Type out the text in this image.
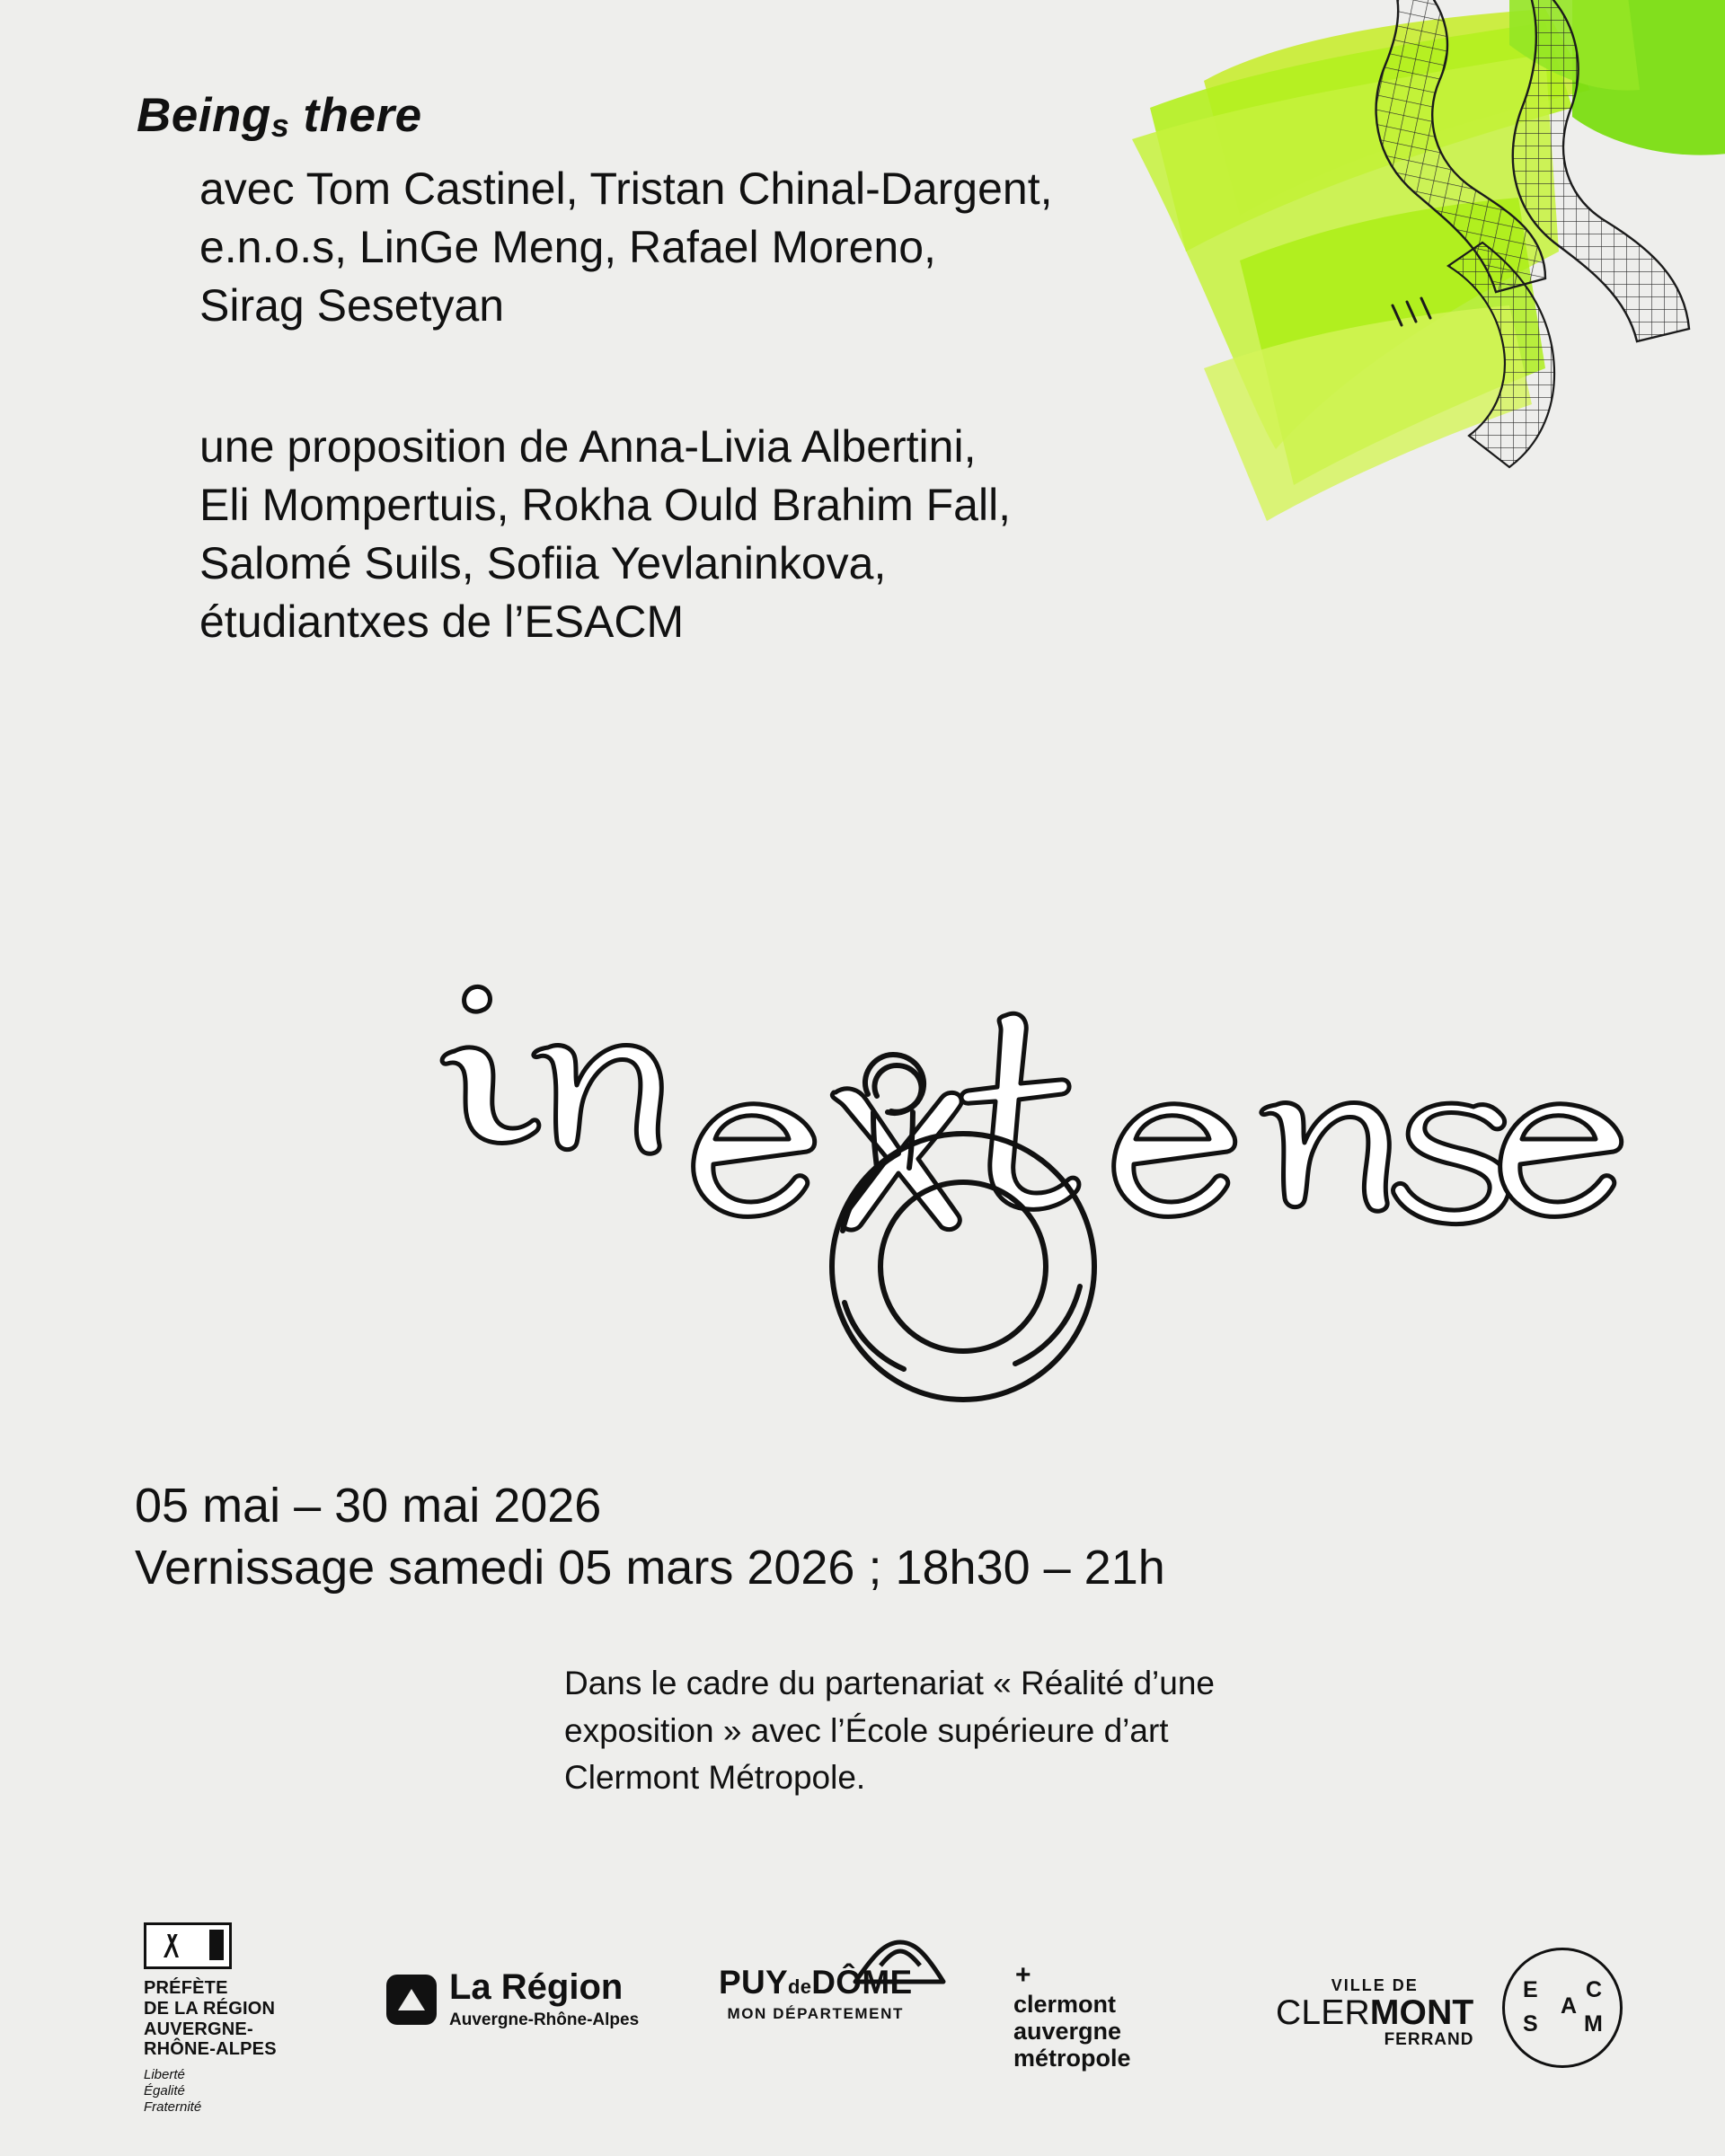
Beings there

avec Tom Castinel, Tristan Chinal-Dargent,

e.n.o.s, LinGe Meng, Rafael Moreno,

Sirag Sesetyan

une proposition de Anna-Livia Albertini,

Eli Mompertuis, Rokha Ould Brahim Fall,

Salomé Suils, Sofiia Yevlaninkova,

étudiantxes de l’ESACM

05 mai – 30 mai 2026

Vernissage samedi 05 mars 2026 ; 18h30 – 21h

Dans le cadre du partenariat « Réalité d’une

exposition » avec l’École supérieure d’art

Clermont Métropole.

PRÉFÈTE
DE LA RÉGION
AUVERGNE-
RHÔNE-ALPES
Liberté
Égalité
Fraternité
La Région
Auvergne-Rhône-Alpes
PUYdeDÔME
MON DÉPARTEMENT
+
clermont
auvergne
métropole
VILLE DE
CLERMONT
FERRAND
E
S
A
C
M
